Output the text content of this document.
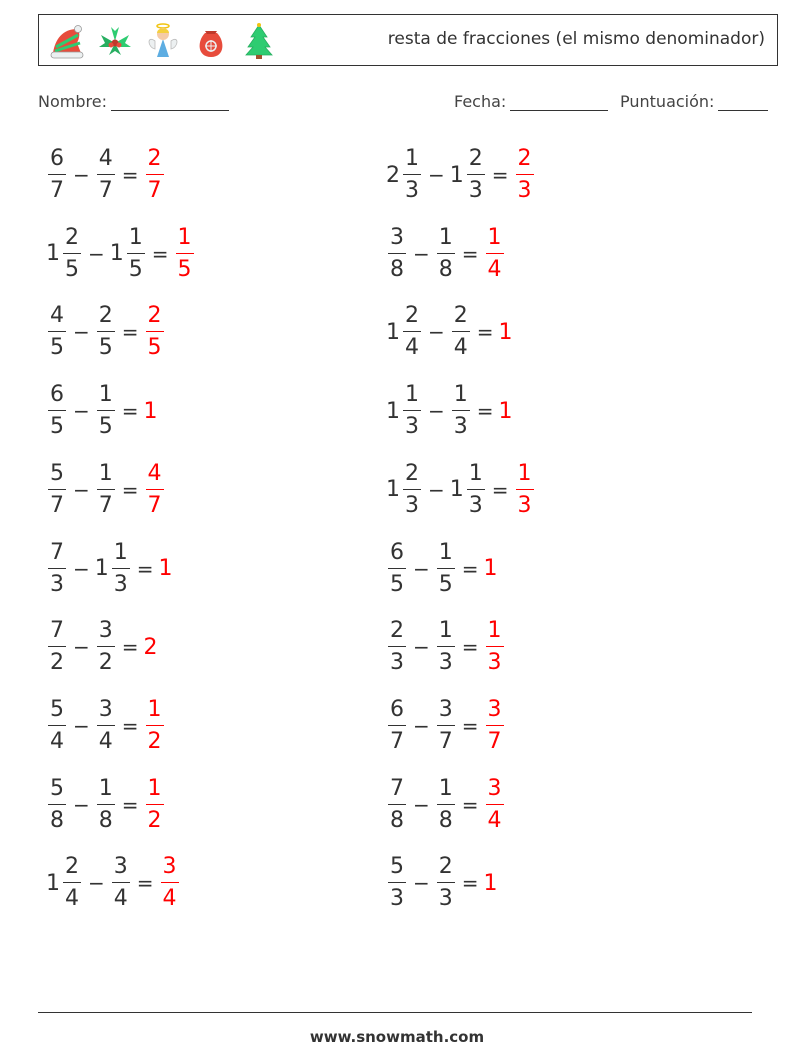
resta de fracciones (el mismo denominador)
Nombre:	Fecha:	Puntuación:
$\frac{6}{7} - \frac{4}{7} = \frac{2}{7}$	$2 \frac{1}{3} - 1 \frac{2}{3} = \frac{2}{3}$
$1 \frac{2}{5} - 1 \frac{1}{5} = \frac{1}{5}$	$\frac{3}{8} - \frac{1}{8} = \frac{1}{4}$
$\frac{4}{5} - \frac{2}{5} = \frac{2}{5}$	$1 \frac{2}{4} - \frac{2}{4} = 1$
$\frac{6}{5} - \frac{1}{5} = 1$	$1 \frac{1}{3} - \frac{1}{3} = 1$
$\frac{5}{7} - \frac{1}{7} = \frac{4}{7}$	$1 \frac{2}{3} - 1 \frac{1}{3} = \frac{1}{3}$
$\frac{7}{3} - 1 \frac{1}{3} = 1$	$\frac{6}{5} - \frac{1}{5} = 1$
$\frac{7}{2} - \frac{3}{2} = 2$	$\frac{2}{3} - \frac{1}{3} = \frac{1}{3}$
$\frac{5}{4} - \frac{3}{4} = \frac{1}{2}$	$\frac{6}{7} - \frac{3}{7} = \frac{3}{7}$
$\frac{5}{8} - \frac{1}{8} = \frac{1}{2}$	$\frac{7}{8} - \frac{1}{8} = \frac{3}{4}$
$1 \frac{2}{4} - \frac{3}{4} = \frac{3}{4}$	$\frac{5}{3} - \frac{2}{3} = 1$
www.snowmath.com
